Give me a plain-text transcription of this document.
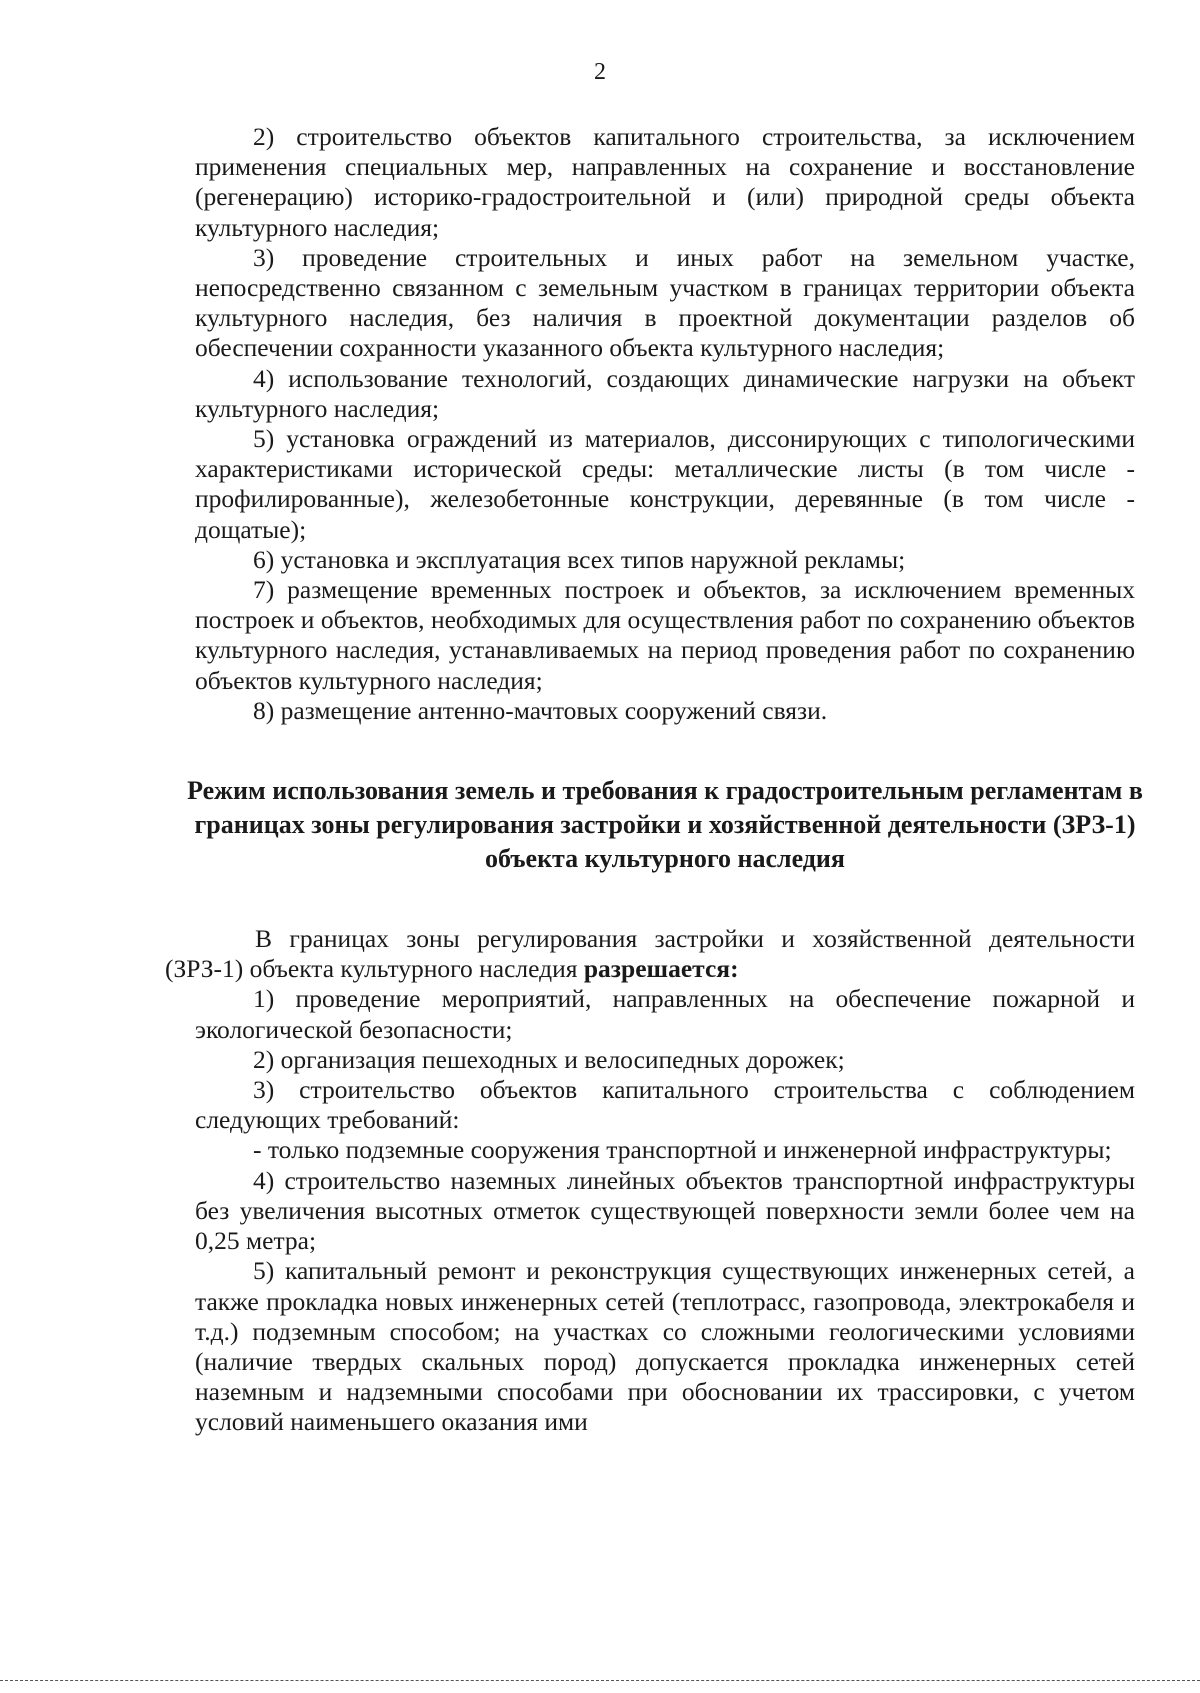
2

2) строительство объектов капитального строительства, за исключением применения специальных мер, направленных на сохранение и восстановление (регенерацию) историко-градостроительной и (или) природной среды объекта культурного наследия;

3) проведение строительных и иных работ на земельном участке, непосредственно связанном с земельным участком в границах территории объекта культурного наследия, без наличия в проектной документации разделов об обеспечении сохранности указанного объекта культурного наследия;

4) использование технологий, создающих динамические нагрузки на объект культурного наследия;

5) установка ограждений из материалов, диссонирующих с типологическими характеристиками исторической среды: металлические листы (в том числе - профилированные), железобетонные конструкции, деревянные (в том числе - дощатые);

6) установка и эксплуатация всех типов наружной рекламы;

7) размещение временных построек и объектов, за исключением временных построек и объектов, необходимых для осуществления работ по сохранению объектов культурного наследия, устанавливаемых на период проведения работ по сохранению объектов культурного наследия;

8) размещение антенно-мачтовых сооружений связи.

Режим использования земель и требования к градостроительным регламентам в границах зоны регулирования застройки и хозяйственной деятельности (ЗРЗ-1) объекта культурного наследия

В границах зоны регулирования застройки и хозяйственной деятельности (ЗРЗ-1) объекта культурного наследия разрешается:

1) проведение мероприятий, направленных на обеспечение пожарной и экологической безопасности;

2) организация пешеходных и велосипедных дорожек;

3) строительство объектов капитального строительства с соблюдением следующих требований:

- только подземные сооружения транспортной и инженерной инфраструктуры;

4) строительство наземных линейных объектов транспортной инфраструктуры без увеличения высотных отметок существующей поверхности земли более чем на 0,25 метра;

5) капитальный ремонт и реконструкция существующих инженерных сетей, а также прокладка новых инженерных сетей (теплотрасс, газопровода, электрокабеля и т.д.) подземным способом; на участках со сложными геологическими условиями (наличие твердых скальных пород) допускается прокладка инженерных сетей наземным и надземными способами при обосновании их трассировки, с учетом условий наименьшего оказания ими
